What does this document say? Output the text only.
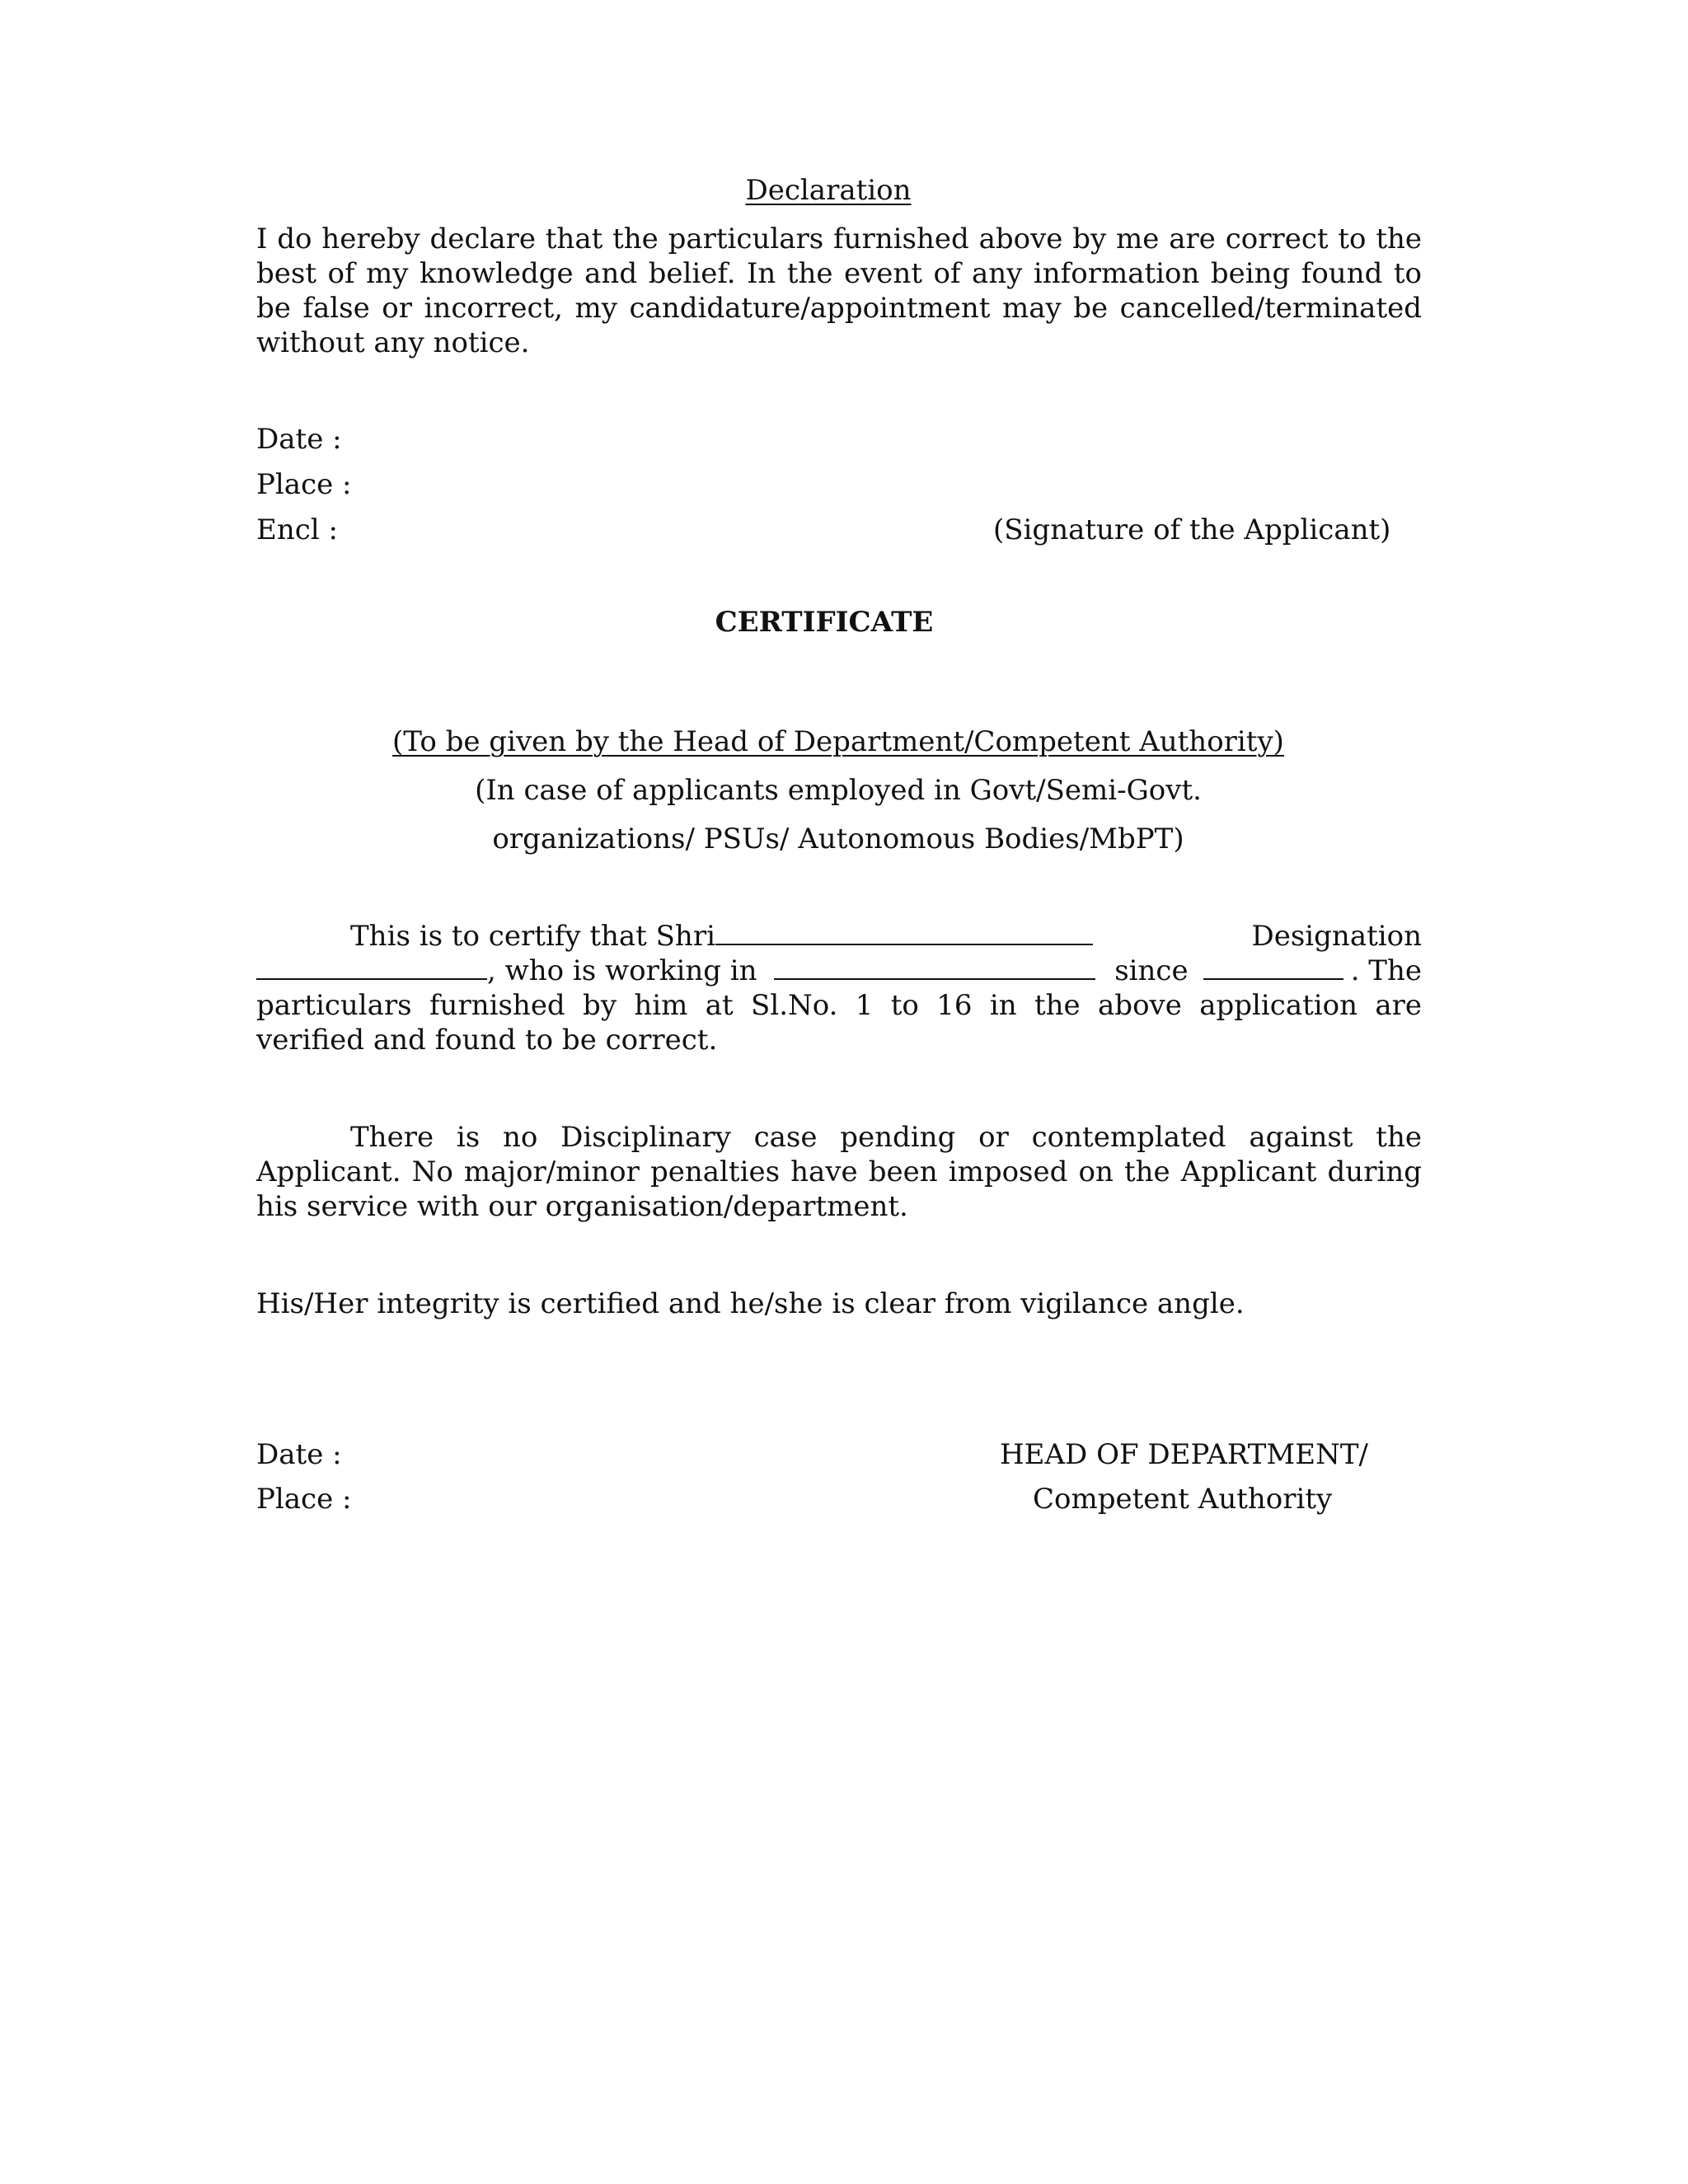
Declaration
I do hereby declare that the particulars furnished above by me are correct to the best of my knowledge and belief. In the event of any information being found to be false or incorrect, my candidature/appointment may be cancelled/terminated without any notice.
Date :
Place :
Encl :	(Signature of the Applicant)
CERTIFICATE
(To be given by the Head of Department/Competent Authority)
(In case of applicants employed in Govt/Semi-Govt.
organizations/ PSUs/ Autonomous Bodies/MbPT)
This is to certify that Shri	Designation
, who is working in	since	. The
particulars furnished by him at Sl.No. 1 to 16 in the above application are verified and found to be correct.
There is no Disciplinary case pending or contemplated against the Applicant. No major/minor penalties have been imposed on the Applicant during his service with our organisation/department.
His/Her integrity is certified and he/she is clear from vigilance angle.
Date :
Place :
HEAD OF DEPARTMENT/
Competent Authority
